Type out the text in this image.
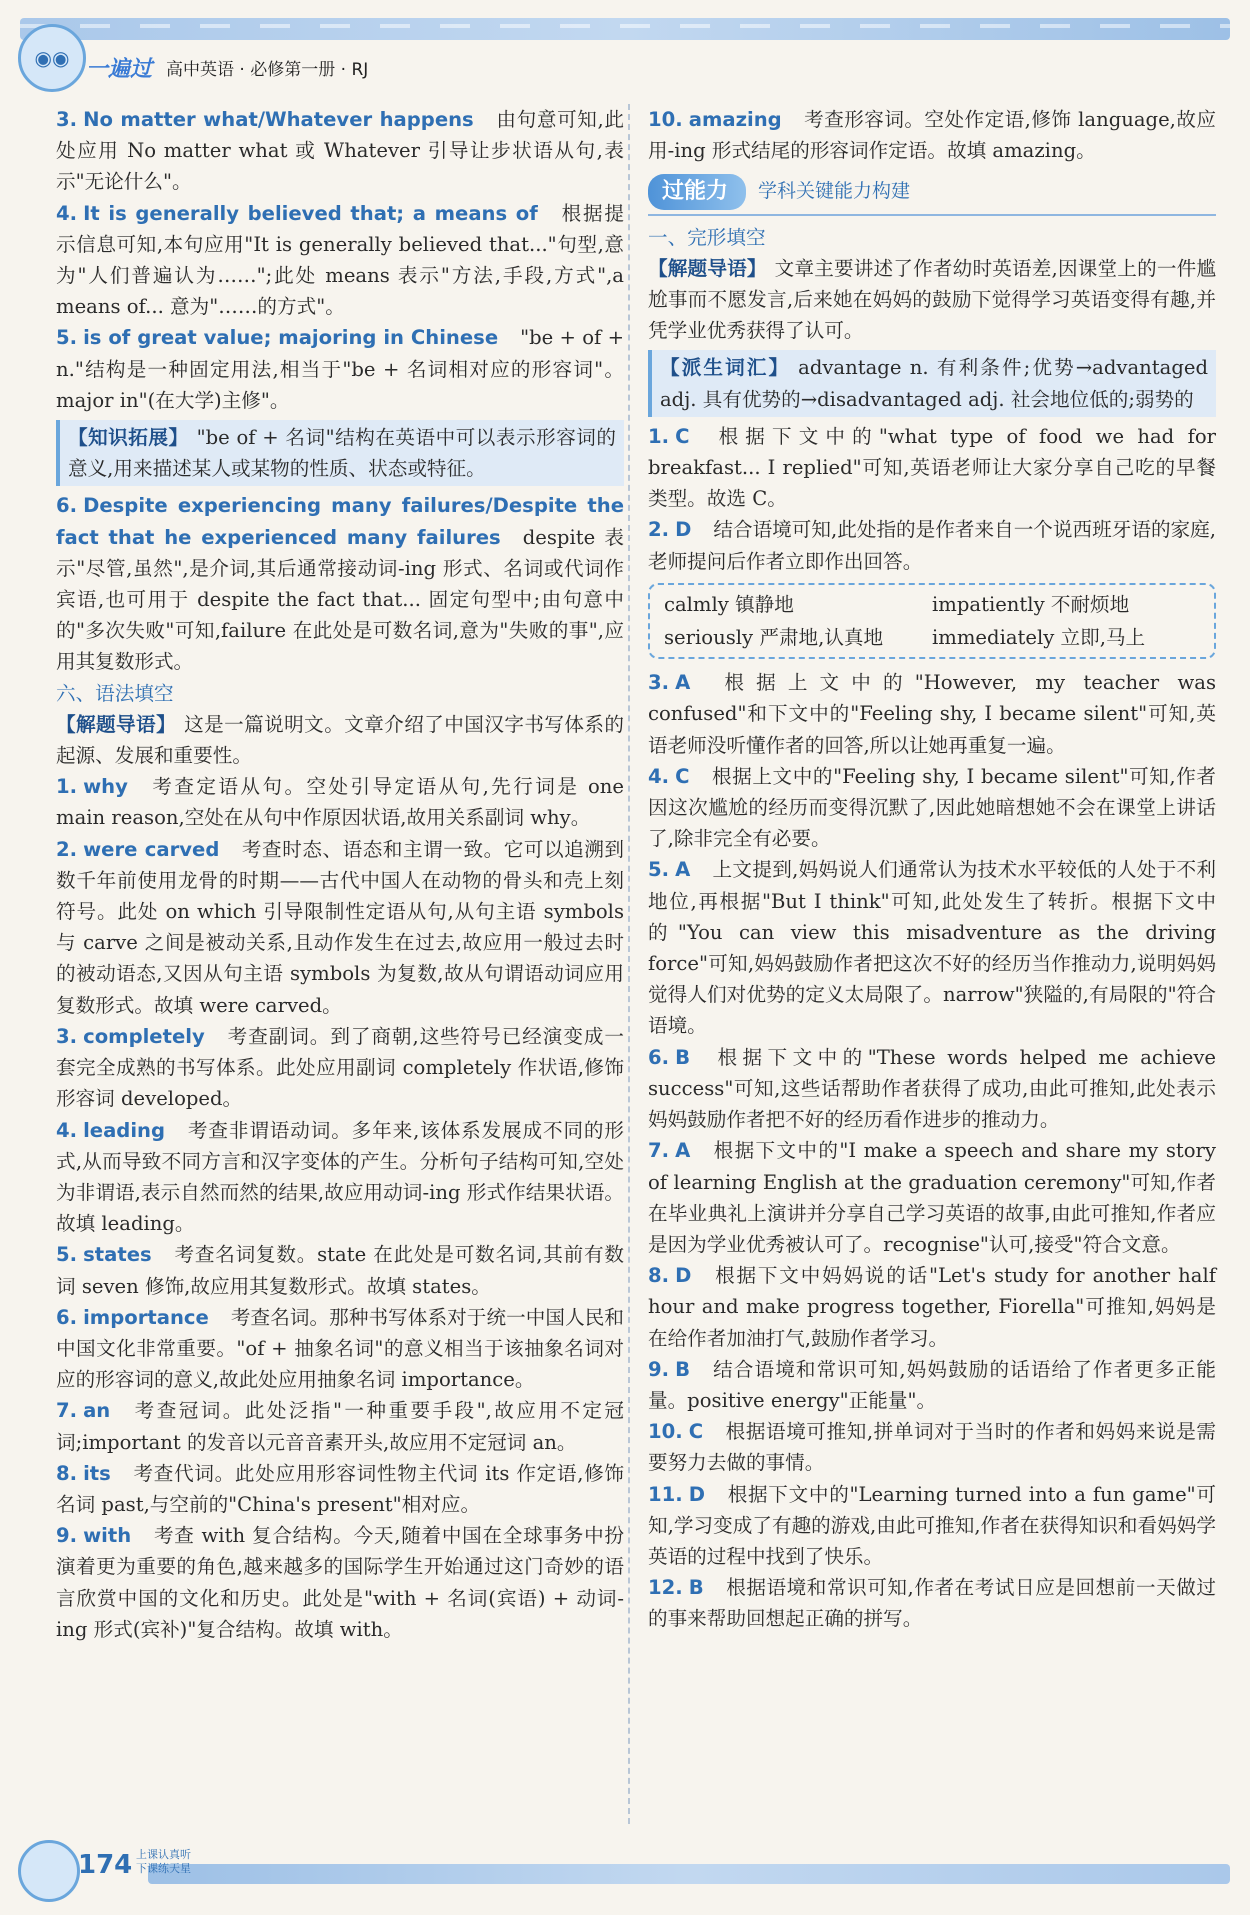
◉◉ 一遍过 高中英语 · 必修第一册 · RJ

3. No matter what/Whatever happens 由句意可知,此处应用 No matter what 或 Whatever 引导让步状语从句,表示"无论什么"。

4. It is generally believed that; a means of 根据提示信息可知,本句应用"It is generally believed that..."句型,意为"人们普遍认为……";此处 means 表示"方法,手段,方式",a means of... 意为"……的方式"。

5. is of great value; majoring in Chinese "be + of + n."结构是一种固定用法,相当于"be + 名词相对应的形容词"。major in"(在大学)主修"。

【知识拓展】 "be of + 名词"结构在英语中可以表示形容词的意义,用来描述某人或某物的性质、状态或特征。

6. Despite experiencing many failures/Despite the fact that he experienced many failures despite 表示"尽管,虽然",是介词,其后通常接动词-ing 形式、名词或代词作宾语,也可用于 despite the fact that... 固定句型中;由句意中的"多次失败"可知,failure 在此处是可数名词,意为"失败的事",应用其复数形式。

六、语法填空

【解题导语】 这是一篇说明文。文章介绍了中国汉字书写体系的起源、发展和重要性。

1. why 考查定语从句。空处引导定语从句,先行词是 one main reason,空处在从句中作原因状语,故用关系副词 why。

2. were carved 考查时态、语态和主谓一致。它可以追溯到数千年前使用龙骨的时期——古代中国人在动物的骨头和壳上刻符号。此处 on which 引导限制性定语从句,从句主语 symbols 与 carve 之间是被动关系,且动作发生在过去,故应用一般过去时的被动语态,又因从句主语 symbols 为复数,故从句谓语动词应用复数形式。故填 were carved。

3. completely 考查副词。到了商朝,这些符号已经演变成一套完全成熟的书写体系。此处应用副词 completely 作状语,修饰形容词 developed。

4. leading 考查非谓语动词。多年来,该体系发展成不同的形式,从而导致不同方言和汉字变体的产生。分析句子结构可知,空处为非谓语,表示自然而然的结果,故应用动词-ing 形式作结果状语。故填 leading。

5. states 考查名词复数。state 在此处是可数名词,其前有数词 seven 修饰,故应用其复数形式。故填 states。

6. importance 考查名词。那种书写体系对于统一中国人民和中国文化非常重要。"of + 抽象名词"的意义相当于该抽象名词对应的形容词的意义,故此处应用抽象名词 importance。

7. an 考查冠词。此处泛指"一种重要手段",故应用不定冠词;important 的发音以元音音素开头,故应用不定冠词 an。

8. its 考查代词。此处应用形容词性物主代词 its 作定语,修饰名词 past,与空前的"China's present"相对应。

9. with 考查 with 复合结构。今天,随着中国在全球事务中扮演着更为重要的角色,越来越多的国际学生开始通过这门奇妙的语言欣赏中国的文化和历史。此处是"with + 名词(宾语) + 动词-ing 形式(宾补)"复合结构。故填 with。

10. amazing 考查形容词。空处作定语,修饰 language,故应用-ing 形式结尾的形容词作定语。故填 amazing。

过能力	学科关键能力构建

一、完形填空

【解题导语】 文章主要讲述了作者幼时英语差,因课堂上的一件尴尬事而不愿发言,后来她在妈妈的鼓励下觉得学习英语变得有趣,并凭学业优秀获得了认可。

【派生词汇】 advantage n. 有利条件;优势→advantaged adj. 具有优势的→disadvantaged adj. 社会地位低的;弱势的

1. C 根据下文中的"what type of food we had for breakfast... I replied"可知,英语老师让大家分享自己吃的早餐类型。故选 C。

2. D 结合语境可知,此处指的是作者来自一个说西班牙语的家庭,老师提问后作者立即作出回答。

calmly 镇静地	impatiently 不耐烦地
seriously 严肃地,认真地	immediately 立即,马上

3. A 根据上文中的"However, my teacher was confused"和下文中的"Feeling shy, I became silent"可知,英语老师没听懂作者的回答,所以让她再重复一遍。

4. C 根据上文中的"Feeling shy, I became silent"可知,作者因这次尴尬的经历而变得沉默了,因此她暗想她不会在课堂上讲话了,除非完全有必要。

5. A 上文提到,妈妈说人们通常认为技术水平较低的人处于不利地位,再根据"But I think"可知,此处发生了转折。根据下文中的"You can view this misadventure as the driving force"可知,妈妈鼓励作者把这次不好的经历当作推动力,说明妈妈觉得人们对优势的定义太局限了。narrow"狭隘的,有局限的"符合语境。

6. B 根据下文中的"These words helped me achieve success"可知,这些话帮助作者获得了成功,由此可推知,此处表示妈妈鼓励作者把不好的经历看作进步的推动力。

7. A 根据下文中的"I make a speech and share my story of learning English at the graduation ceremony"可知,作者在毕业典礼上演讲并分享自己学习英语的故事,由此可推知,作者应是因为学业优秀被认可了。recognise"认可,接受"符合文意。

8. D 根据下文中妈妈说的话"Let's study for another half hour and make progress together, Fiorella"可推知,妈妈是在给作者加油打气,鼓励作者学习。

9. B 结合语境和常识可知,妈妈鼓励的话语给了作者更多正能量。positive energy"正能量"。

10. C 根据语境可推知,拼单词对于当时的作者和妈妈来说是需要努力去做的事情。

11. D 根据下文中的"Learning turned into a fun game"可知,学习变成了有趣的游戏,由此可推知,作者在获得知识和看妈妈学英语的过程中找到了快乐。

12. B 根据语境和常识可知,作者在考试日应是回想前一天做过的事来帮助回想起正确的拼写。

174 上课认真听
下课练天星
